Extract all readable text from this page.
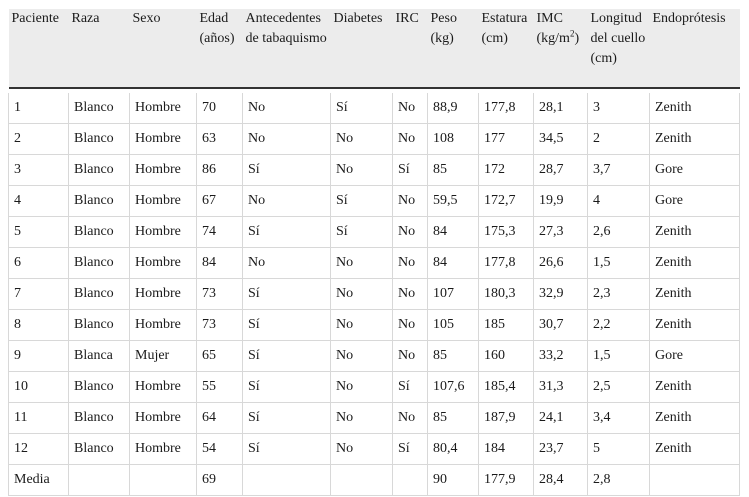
Paciente	Raza	Sexo	Edad (años)	Antecedentes de tabaquismo	Diabetes	IRC	Peso (kg)	Estatura (cm)	IMC $(kg/m^2)$	Longitud del cuello (cm)	Endoprótesis

1	Blanco	Hombre	70	No	Sí	No	88,9	177,8	28,1	3	Zenith
2	Blanco	Hombre	63	No	No	No	108	177	34,5	2	Zenith
3	Blanco	Hombre	86	Sí	No	Sí	85	172	28,7	3,7	Gore
4	Blanco	Hombre	67	No	Sí	No	59,5	172,7	19,9	4	Gore
5	Blanco	Hombre	74	Sí	Sí	No	84	175,3	27,3	2,6	Zenith
6	Blanco	Hombre	84	No	No	No	84	177,8	26,6	1,5	Zenith
7	Blanco	Hombre	73	Sí	No	No	107	180,3	32,9	2,3	Zenith
8	Blanco	Hombre	73	Sí	No	No	105	185	30,7	2,2	Zenith
9	Blanca	Mujer	65	Sí	No	No	85	160	33,2	1,5	Gore
10	Blanco	Hombre	55	Sí	No	Sí	107,6	185,4	31,3	2,5	Zenith
11	Blanco	Hombre	64	Sí	No	No	85	187,9	24,1	3,4	Zenith
12	Blanco	Hombre	54	Sí	No	Sí	80,4	184	23,7	5	Zenith
Media			69				90	177,9	28,4	2,8	
